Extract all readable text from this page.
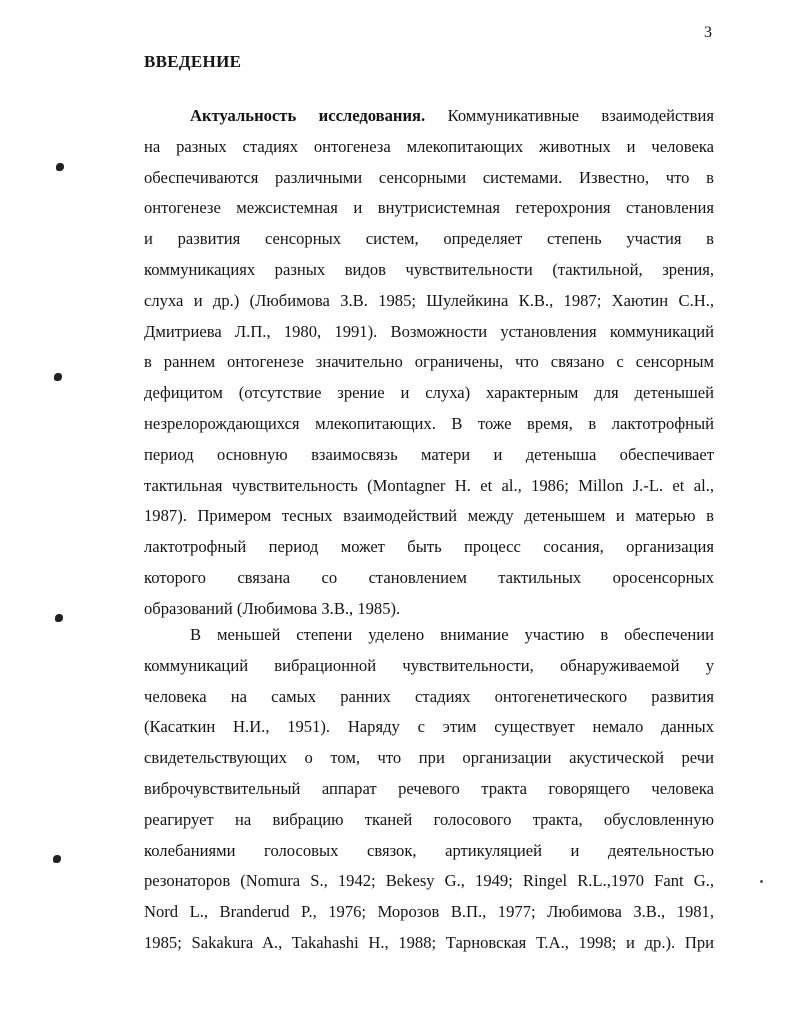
3
ВВЕДЕНИЕ
Актуальность исследования. Коммуникативные взаимодействия
на разных стадиях онтогенеза млекопитающих животных и человека
обеспечиваются различными сенсорными системами. Известно, что в
онтогенезе межсистемная и внутрисистемная гетерохрония становления
и развития сенсорных систем, определяет степень участия в
коммуникациях разных видов чувствительности (тактильной, зрения,
слуха и др.) (Любимова З.В. 1985; Шулейкина К.В., 1987; Хаютин С.Н.,
Дмитриева Л.П., 1980, 1991). Возможности установления коммуникаций
в раннем онтогенезе значительно ограничены, что связано с сенсорным
дефицитом (отсутствие зрение и слуха) характерным для детенышей
незрелорождающихся млекопитающих. В тоже время, в лактотрофный
период основную взаимосвязь матери и детеныша обеспечивает
тактильная чувствительность (Montagner H. et al., 1986; Millon J.-L. et al.,
1987). Примером тесных взаимодействий между детенышем и матерью в
лактотрофный период может быть процесс сосания, организация
которого связана со становлением тактильных оросенсорных
образований (Любимова З.В., 1985).
В меньшей степени уделено внимание участию в обеспечении
коммуникаций вибрационной чувствительности, обнаруживаемой у
человека на самых ранних стадиях онтогенетического развития
(Касаткин Н.И., 1951). Наряду с этим существует немало данных
свидетельствующих о том, что при организации акустической речи
виброчувствительный аппарат речевого тракта говорящего человека
реагирует на вибрацию тканей голосового тракта, обусловленную
колебаниями голосовых связок, артикуляцией и деятельностью
резонаторов (Nomura S., 1942; Bekesy G., 1949; Ringel R.L.,1970 Fant G.,
Nord L., Branderud P., 1976; Морозов В.П., 1977; Любимова З.В., 1981,
1985; Sakakura A., Takahashi H., 1988; Тарновская Т.А., 1998; и др.). При
